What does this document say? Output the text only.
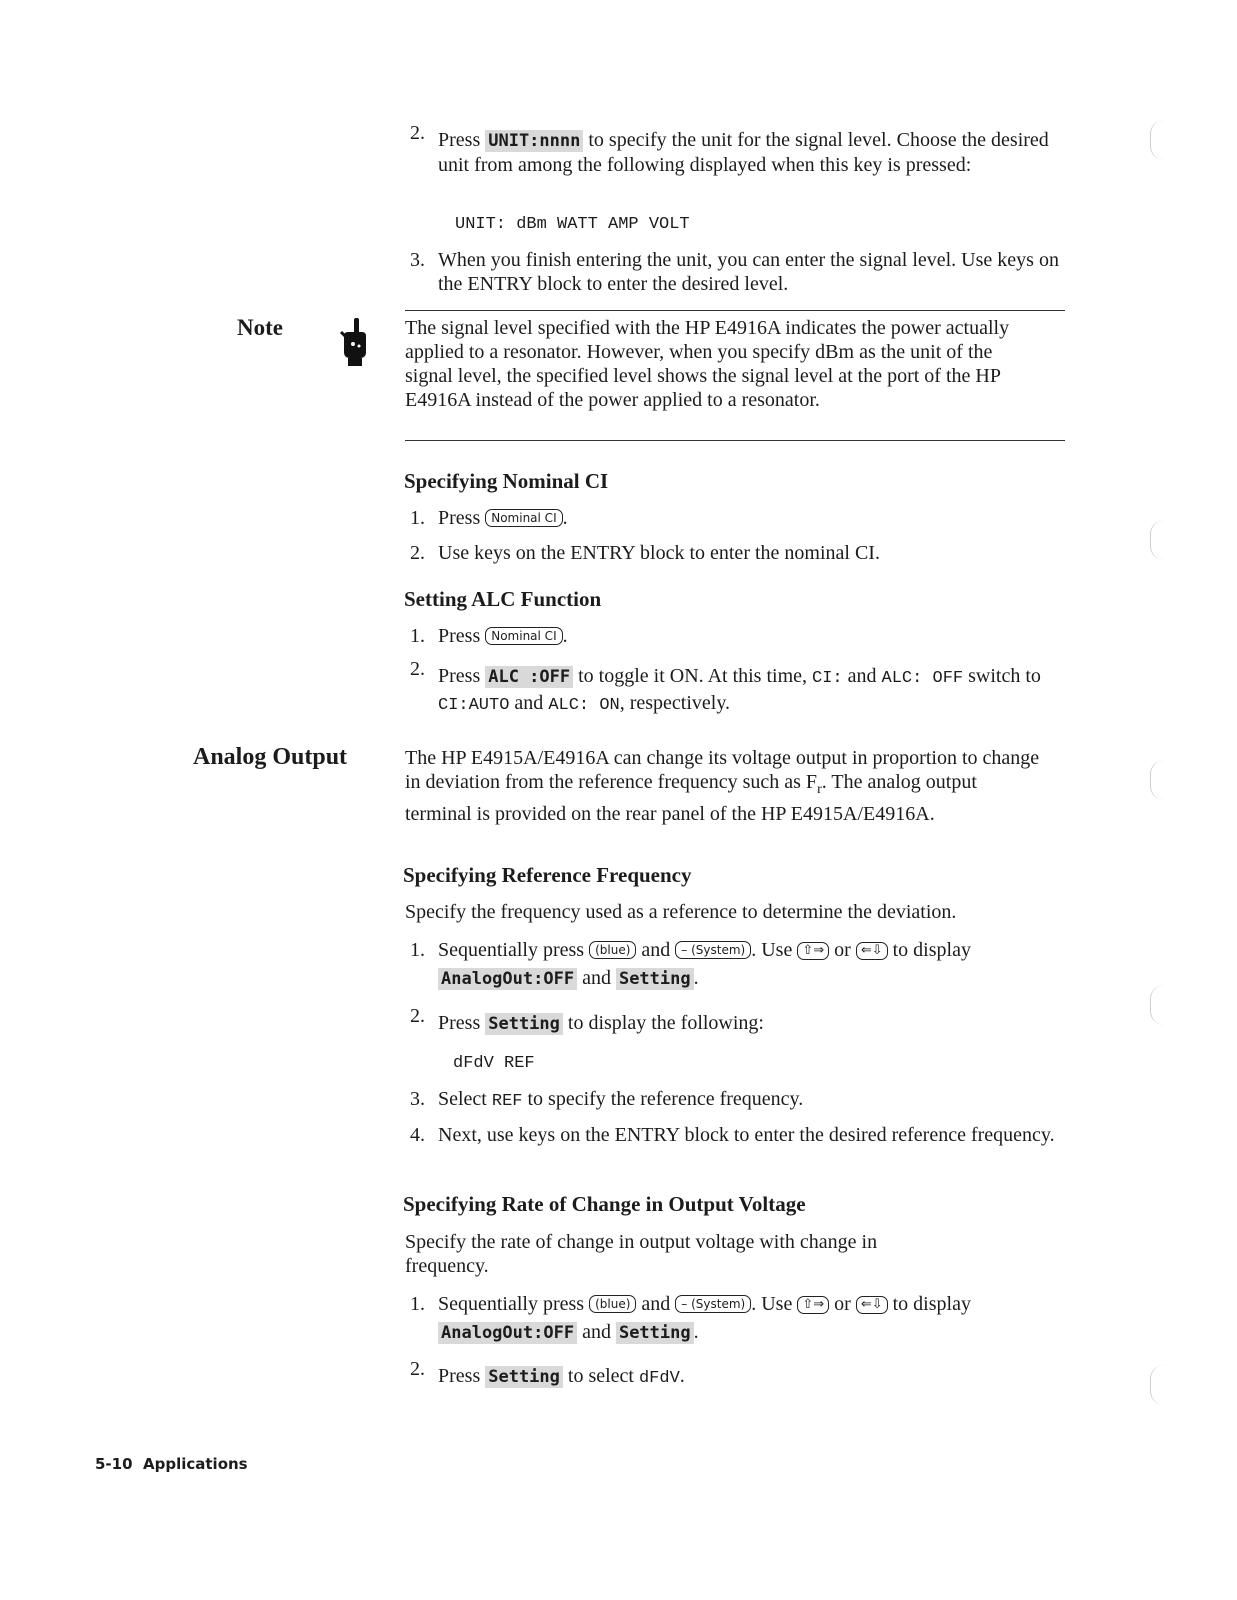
2. Press UNIT:nnnn to specify the unit for the signal level. Choose the desired unit from among the following displayed when this key is pressed:
UNIT: dBm WATT AMP VOLT
3. When you finish entering the unit, you can enter the signal level. Use keys on the ENTRY block to enter the desired level.
Note	The signal level specified with the HP E4916A indicates the power actually applied to a resonator. However, when you specify dBm as the unit of the signal level, the specified level shows the signal level at the port of the HP E4916A instead of the power applied to a resonator.
Specifying Nominal CI
1. Press Nominal CI .
2. Use keys on the ENTRY block to enter the nominal CI.
Setting ALC Function
1. Press Nominal CI .
2. Press ALC :OFF to toggle it ON. At this time, CI: and ALC: OFF switch to CI:AUTO and ALC: ON, respectively.
Analog Output	The HP E4915A/E4916A can change its voltage output in proportion to change in deviation from the reference frequency such as $F_r$. The analog output terminal is provided on the rear panel of the HP E4915A/E4916A.
Specifying Reference Frequency
Specify the frequency used as a reference to determine the deviation.
1. Sequentially press (blue) and – (System) . Use ⇧⇒ or ⇐⇩ to display AnalogOut:OFF and Setting .
2. Press Setting to display the following:
dFdV REF
3. Select REF to specify the reference frequency.
4. Next, use keys on the ENTRY block to enter the desired reference frequency.
Specifying Rate of Change in Output Voltage
Specify the rate of change in output voltage with change in frequency.
1. Sequentially press (blue) and – (System) . Use ⇧⇒ or ⇐⇩ to display AnalogOut:OFF and Setting .
2. Press Setting to select dFdV.
5-10 Applications
